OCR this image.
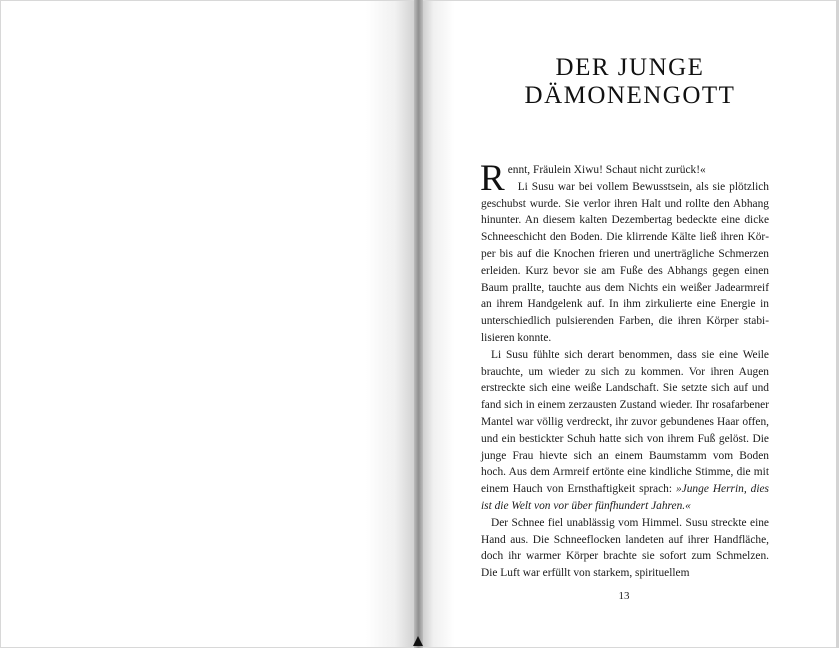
DER JUNGE
DÄMONENGOTT

Rennt, Fräulein Xiwu! Schaut nicht zurück!«

Li Susu war bei vollem Bewusstsein, als sie plötzlich geschubst wurde. Sie verlor ihren Halt und rollte den Abhang hinunter. An diesem kalten Dezembertag bedeckte eine dicke Schneeschicht den Boden. Die klirrende Kälte ließ ihren Körper bis auf die Knochen frieren und unerträgliche Schmerzen erleiden. Kurz bevor sie am Fuße des Abhangs gegen einen Baum prallte, tauchte aus dem Nichts ein weißer Jadearmreif an ihrem Handgelenk auf. In ihm zirkulierte eine Energie in unterschiedlich pulsierenden Farben, die ihren Körper stabilisieren konnte.

Li Susu fühlte sich derart benommen, dass sie eine Weile brauchte, um wieder zu sich zu kommen. Vor ihren Augen erstreckte sich eine weiße Landschaft. Sie setzte sich auf und fand sich in einem zerzausten Zustand wieder. Ihr rosafarbener Mantel war völlig verdreckt, ihr zuvor gebundenes Haar offen, und ein bestickter Schuh hatte sich von ihrem Fuß gelöst. Die junge Frau hievte sich an einem Baumstamm vom Boden hoch. Aus dem Armreif ertönte eine kindliche Stimme, die mit einem Hauch von Ernsthaftigkeit sprach: »Junge Herrin, dies ist die Welt von vor über fünfhundert Jahren.«

Der Schnee fiel unablässig vom Himmel. Susu streckte eine Hand aus. Die Schneeflocken landeten auf ihrer Handfläche, doch ihr warmer Körper brachte sie sofort zum Schmelzen. Die Luft war erfüllt von starkem, spirituellem

13
